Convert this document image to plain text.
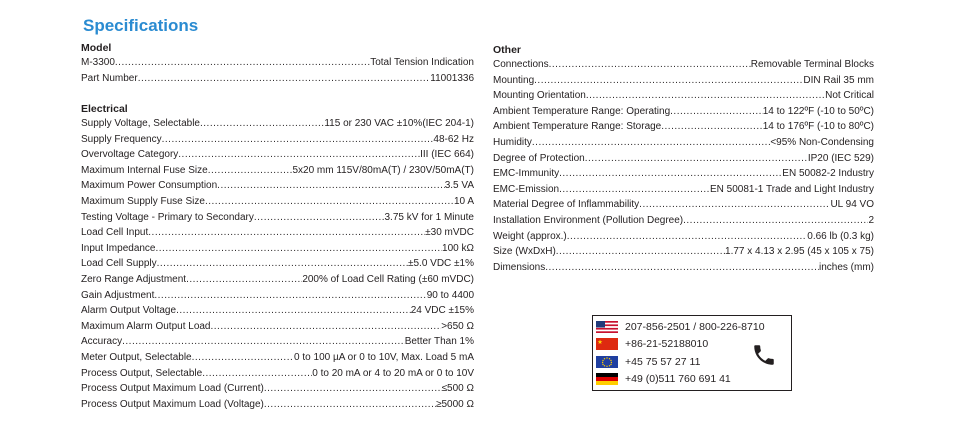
Specifications
Model
M-3300 .....	Total Tension Indication
Part Number .....	11001336
Electrical
Supply Voltage, Selectable .....	115 or 230 VAC ±10%(IEC 204-1)
Supply Frequency .....	48-62 Hz
Overvoltage Category .....	III (IEC 664)
Maximum Internal Fuse Size .....	5x20 mm 115V/80mA(T) / 230V/50mA(T)
Maximum Power Consumption .....	3.5 VA
Maximum Supply Fuse Size .....	10 A
Testing Voltage - Primary to Secondary .....	3.75 kV for 1 Minute
Load Cell Input .....	±30 mVDC
Input Impedance .....	100 kΩ
Load Cell Supply .....	±5.0 VDC ±1%
Zero Range Adjustment .....	200% of Load Cell Rating (±60 mVDC)
Gain Adjustment .....	90 to 4400
Alarm Output Voltage .....	24 VDC ±15%
Maximum Alarm Output Load .....	>650 Ω
Accuracy .....	Better Than 1%
Meter Output, Selectable .....	0 to 100 µA or 0 to 10V, Max. Load 5 mA
Process Output, Selectable .....	0 to 20 mA or 4 to 20 mA or 0 to 10V
Process Output Maximum Load (Current) .....	≤500 Ω
Process Output Maximum Load (Voltage) .....	≥5000 Ω
Other
Connections .....	Removable Terminal Blocks
Mounting .....	DIN Rail 35 mm
Mounting Orientation .....	Not Critical
Ambient Temperature Range: Operating .....	14 to 122ºF (-10 to 50ºC)
Ambient Temperature Range: Storage .....	14 to 176ºF (-10 to 80ºC)
Humidity .....	<95% Non-Condensing
Degree of Protection .....	IP20 (IEC 529)
EMC-Immunity .....	EN 50082-2 Industry
EMC-Emission .....	EN 50081-1 Trade and Light Industry
Material Degree of Inflammability .....	UL 94 VO
Installation Environment (Pollution Degree) .....	2
Weight (approx.) .....	0.66 lb (0.3 kg)
Size (WxDxH) .....	1.77 x 4.13 x 2.95 (45 x 105 x 75)
Dimensions .....	inches (mm)
207-856-2501 / 800-226-8710
+86-21-52188010
+45 75 57 27 11
+49 (0)511 760 691 41
